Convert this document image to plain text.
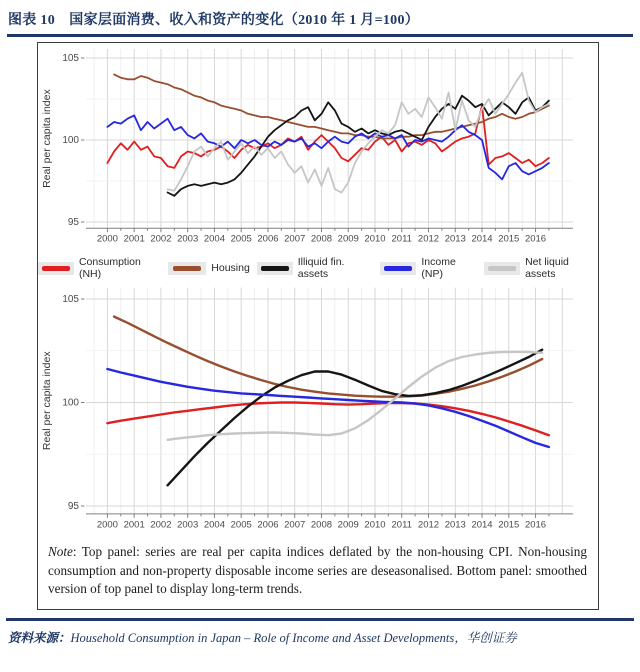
图表 10　国家层面消费、收入和资产的变化（2010 年 1 月=100）
2000 2001 2002 2003 2004 2005 2006 2007 2008 2009 2010 2011 2012 2013 2014 2015 2016
95
100
105
Real per capita index
Consumption (NH)	Housing	Illiquid fin. assets
Income (NP)
Net liquid assets
2000 2001 2002 2003 2004 2005 2006 2007 2008 2009 2010 2011 2012 2013 2014 2015 2016
95
100
105
Real per capita index

Note: Top panel: series are real per capita indices deflated by the non-housing CPI. Non-housing consumption and non-property disposable income series are deseasonalised. Bottom panel: smoothed version of top panel to display long-term trends.

资料来源：Household Consumption in Japan – Role of Income and Asset Developments，华创证券
